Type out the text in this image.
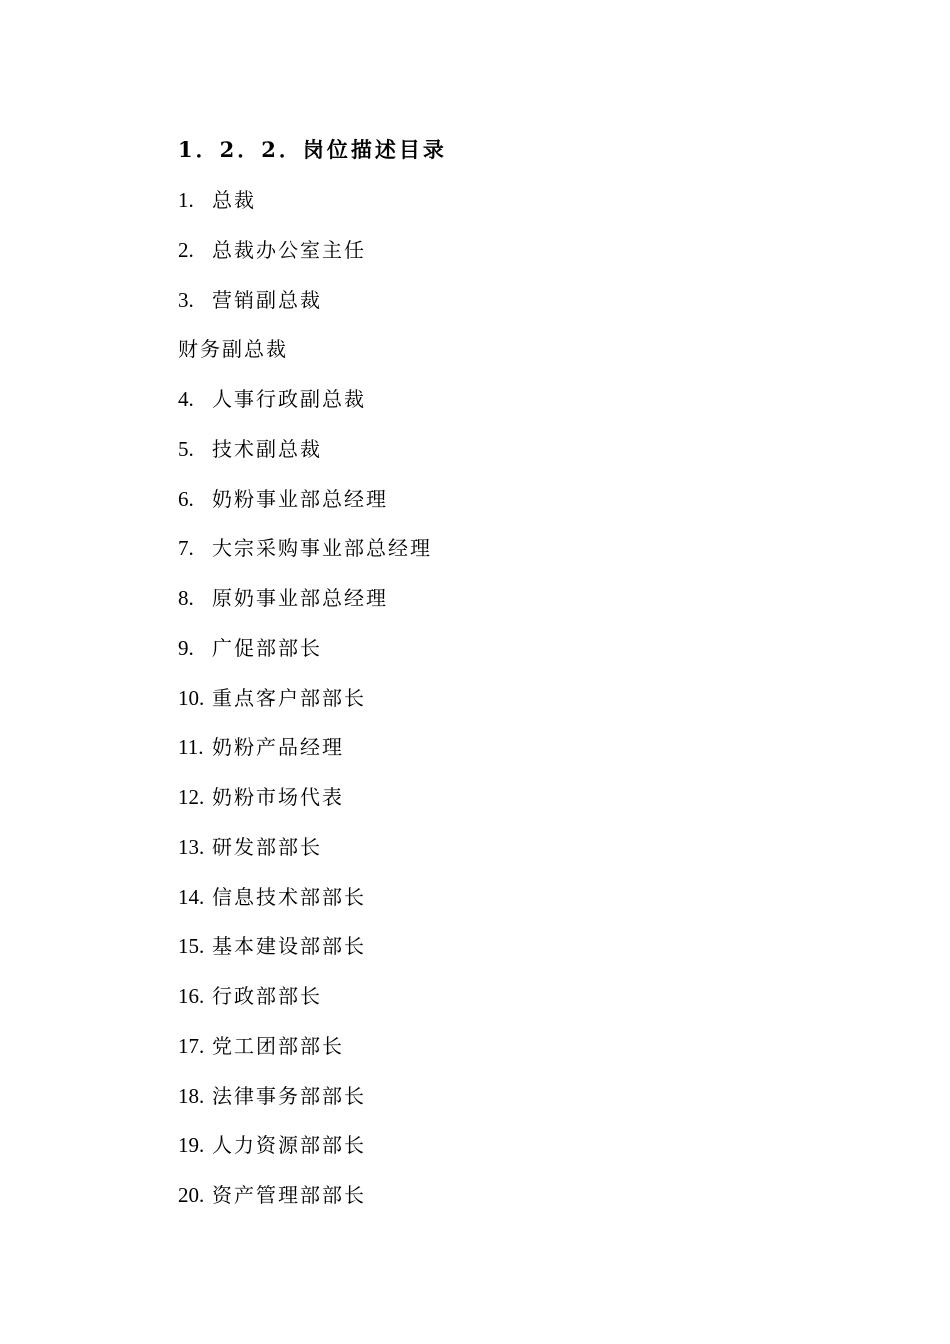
1．2．2．岗位描述目录
1. 总裁
2. 总裁办公室主任
3. 营销副总裁
财务副总裁
4. 人事行政副总裁
5. 技术副总裁
6. 奶粉事业部总经理
7. 大宗采购事业部总经理
8. 原奶事业部总经理
9. 广促部部长
10. 重点客户部部长
11. 奶粉产品经理
12. 奶粉市场代表
13. 研发部部长
14. 信息技术部部长
15. 基本建设部部长
16. 行政部部长
17. 党工团部部长
18. 法律事务部部长
19. 人力资源部部长
20. 资产管理部部长
